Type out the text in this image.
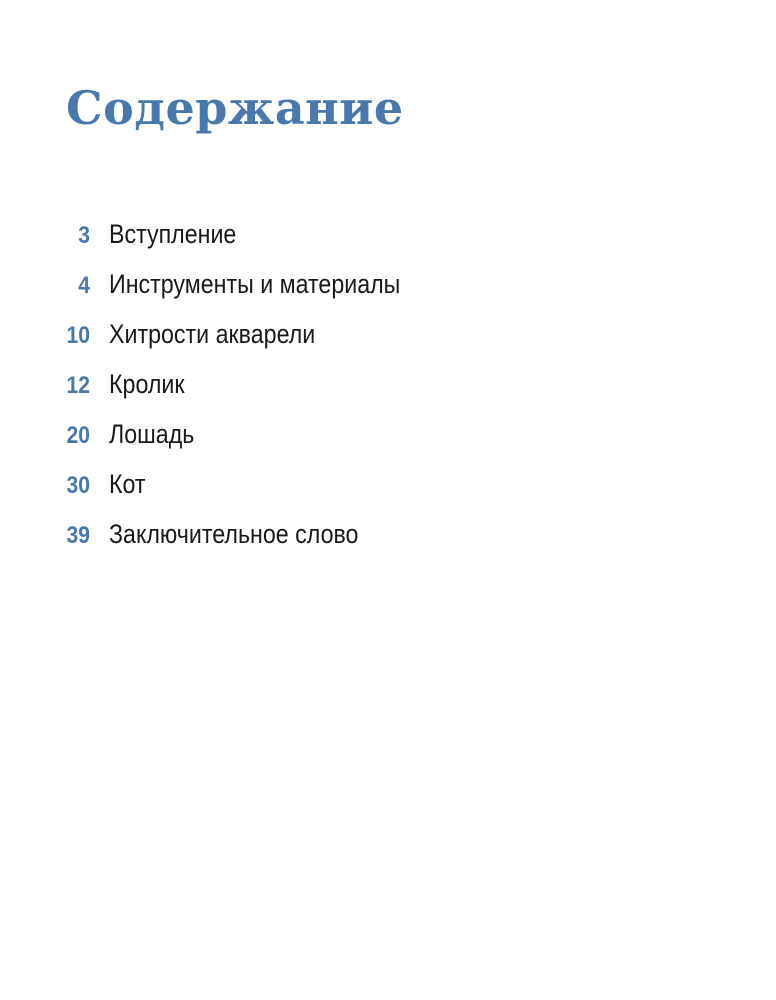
Содержание
3 Вступление
4 Инструменты и материалы
10 Хитрости акварели
12 Кролик
20 Лошадь
30 Кот
39 Заключительное слово
